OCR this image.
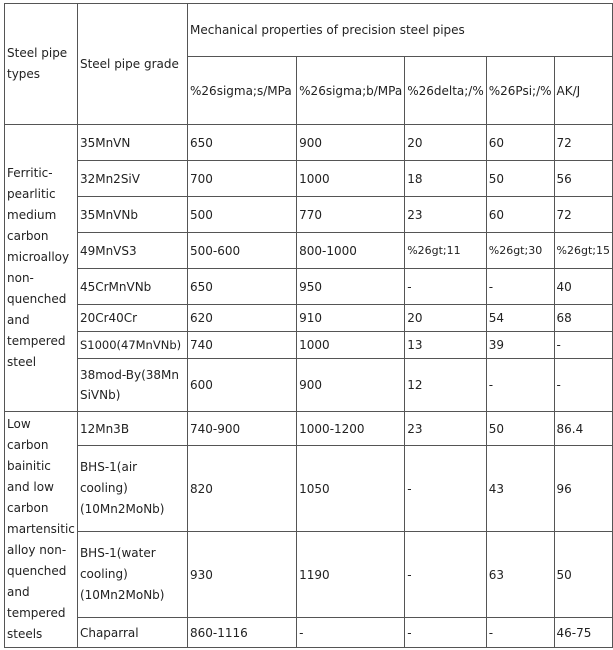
Steel pipe types	Steel pipe grade	Mechanical properties of precision steel pipes				
		%26sigma;s/MPa	%26sigma;b/MPa	%26delta;/%	%26Psi;/%	AK/J
Ferritic-pearlitic medium carbon microalloy non-quenched and tempered steel	35MnVN	650	900	20	60	72
	32Mn2SiV	700	1000	18	50	56
	35MnVNb	500	770	23	60	72
	49MnVS3	500-600	800-1000	%26gt;11	%26gt;30	%26gt;15
	45CrMnVNb	650	950	-	-	40
	20Cr40Cr	620	910	20	54	68
	S1000(47MnVNb)	740	1000	13	39	-
	38mod-By(38MnSiVNb)	600	900	12	-	-
Low carbon bainitic and low carbon martensitic alloy non-quenched and tempered steels	12Mn3B	740-900	1000-1200	23	50	86.4
	BHS-1(air cooling)(10Mn2MoNb)	820	1050	-	43	96
	BHS-1(water cooling)(10Mn2MoNb)	930	1190	-	63	50
	Chaparral	860-1116	-	-	-	46-75
